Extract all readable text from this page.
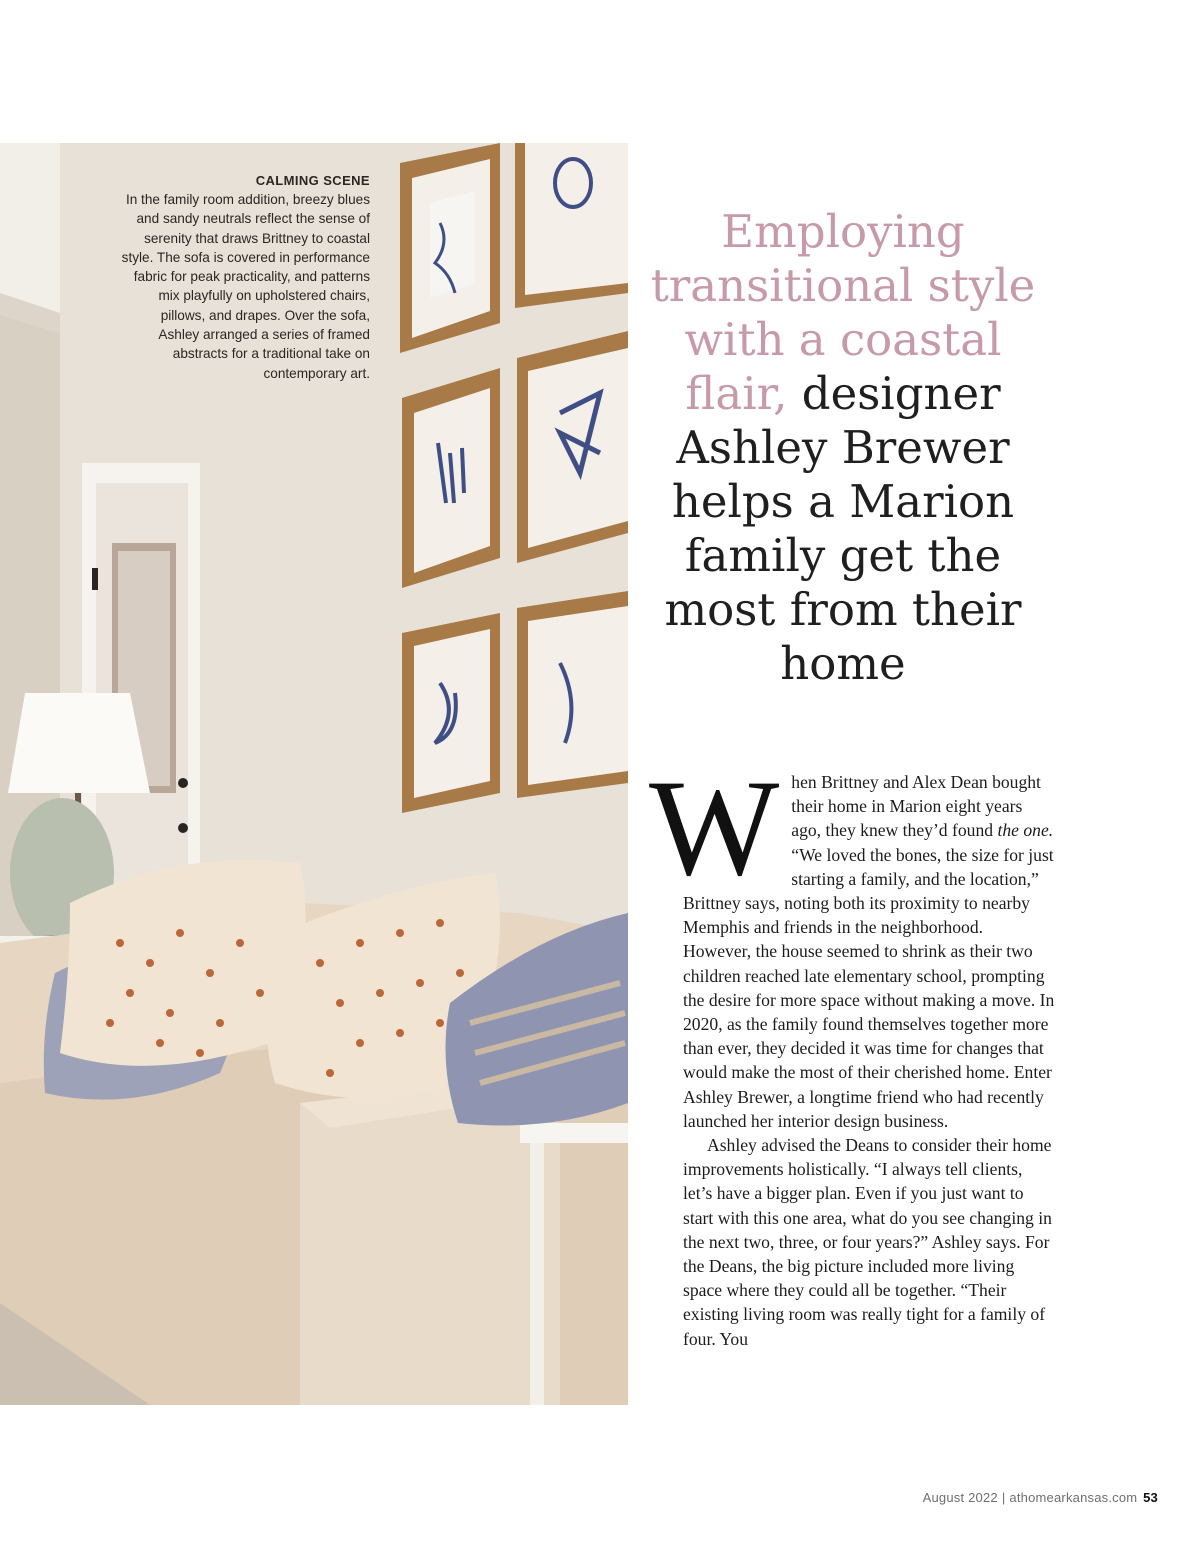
CALMING SCENE
In the family room addition, breezy blues and sandy neutrals reflect the sense of serenity that draws Brittney to coastal style. The sofa is covered in performance fabric for peak practicality, and patterns mix playfully on upholstered chairs, pillows, and drapes. Over the sofa, Ashley arranged a series of framed abstracts for a traditional take on contemporary art.
Employing transitional style with a coastal flair, designer Ashley Brewer helps a Marion family get the most from their home
W hen Brittney and Alex Dean bought their home in Marion eight years ago, they knew they’d found the one. “We loved the bones, the size for just starting a family, and the location,” Brittney says, noting both its proximity to nearby Memphis and friends in the neighborhood. However, the house seemed to shrink as their two children reached late elementary school, prompting the desire for more space without making a move. In 2020, as the family found themselves together more than ever, they decided it was time for changes that would make the most of their cherished home. Enter Ashley Brewer, a longtime friend who had recently launched her interior design business.

Ashley advised the Deans to consider their home improvements holistically. “I always tell clients, let’s have a bigger plan. Even if you just want to start with this one area, what do you see changing in the next two, three, or four years?” Ashley says. For the Deans, the big picture included more living space where they could all be together. “Their existing living room was really tight for a family of four. You

August 2022 | athomearkansas.com 53
